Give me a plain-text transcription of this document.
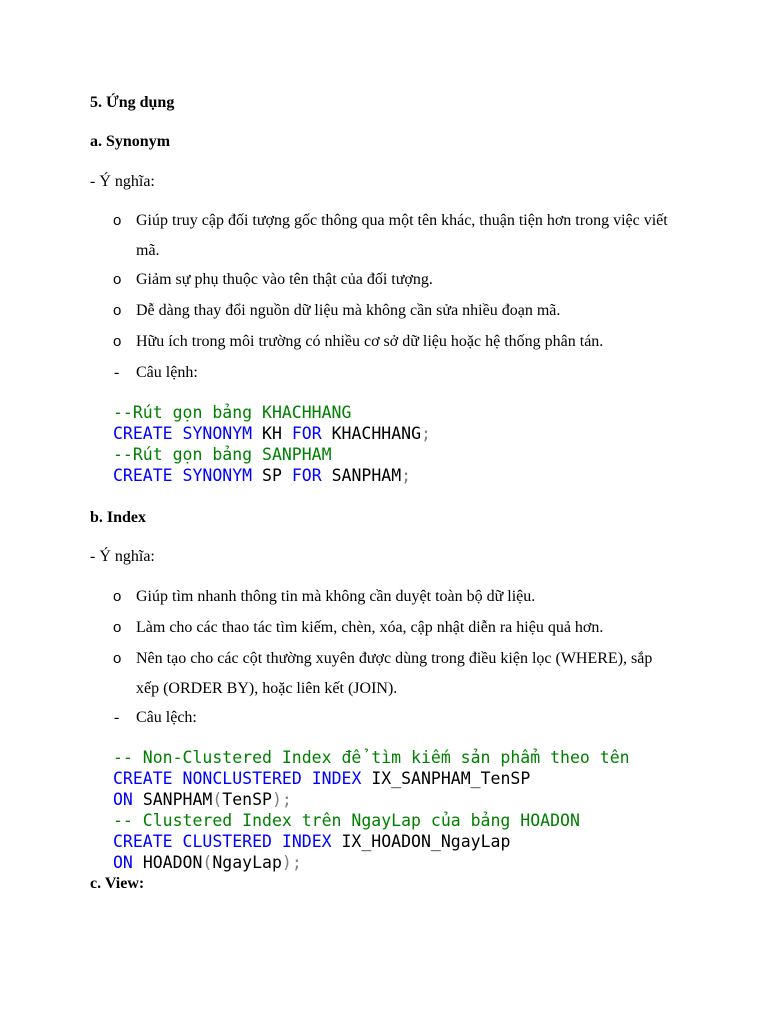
5. Ứng dụng
a. Synonym
- Ý nghĩa:
o Giúp truy cập đối tượng gốc thông qua một tên khác, thuận tiện hơn trong việc viết
mã.
o Giảm sự phụ thuộc vào tên thật của đối tượng.
o Dễ dàng thay đổi nguồn dữ liệu mà không cần sửa nhiều đoạn mã.
o Hữu ích trong môi trường có nhiều cơ sở dữ liệu hoặc hệ thống phân tán.
- Câu lệnh:
--Rút gọn bảng KHACHHANG
CREATE SYNONYM KH FOR KHACHHANG;
--Rút gọn bảng SANPHAM
CREATE SYNONYM SP FOR SANPHAM;
b. Index
- Ý nghĩa:
o Giúp tìm nhanh thông tin mà không cần duyệt toàn bộ dữ liệu.
o Làm cho các thao tác tìm kiếm, chèn, xóa, cập nhật diễn ra hiệu quả hơn.
o Nên tạo cho các cột thường xuyên được dùng trong điều kiện lọc (WHERE), sắp
xếp (ORDER BY), hoặc liên kết (JOIN).
- Câu lệch:
-- Non-Clustered Index để tìm kiếm sản phẩm theo tên
CREATE NONCLUSTERED INDEX IX_SANPHAM_TenSP
ON SANPHAM(TenSP);
-- Clustered Index trên NgayLap của bảng HOADON
CREATE CLUSTERED INDEX IX_HOADON_NgayLap
ON HOADON(NgayLap);
c. View:
